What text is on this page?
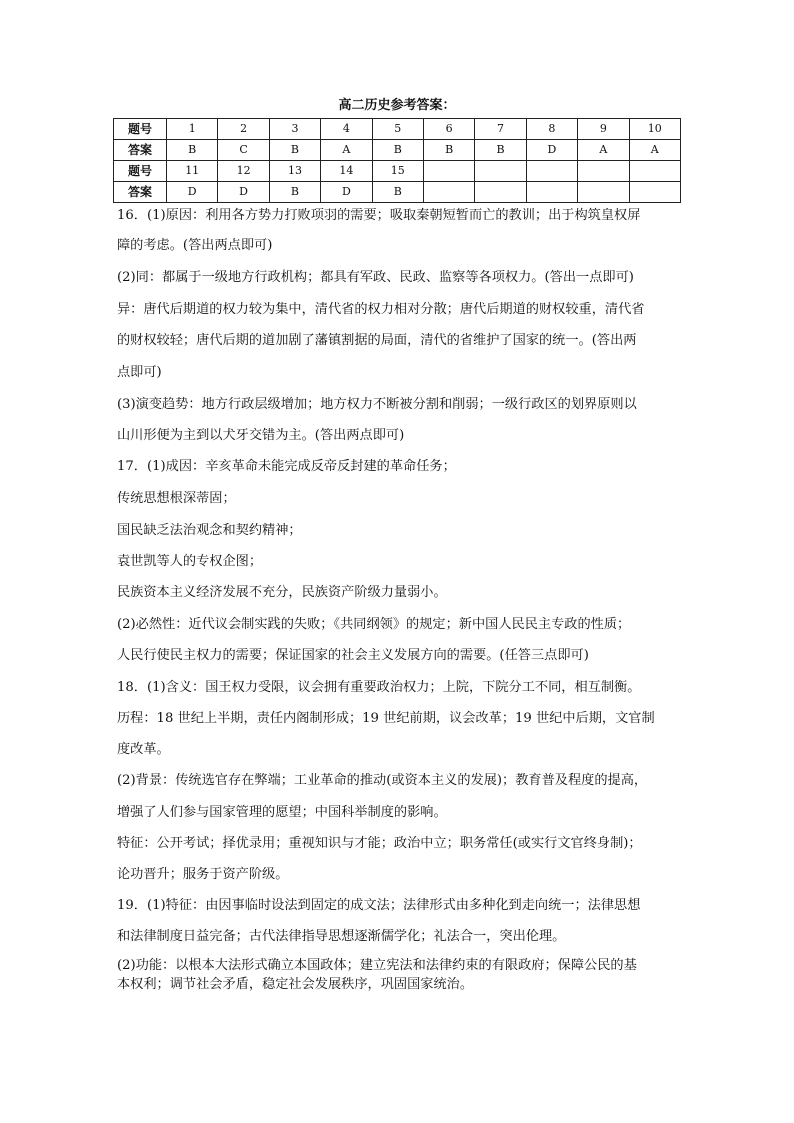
高二历史参考答案：
题号	1	2	3	4	5	6	7	8	9	10
答案	B	C	B	A	B	B	B	D	A	A
题号	11	12	13	14	15					
答案	D	D	B	D	B					
16．(1)原因：利用各方势力打败项羽的需要；吸取秦朝短暂而亡的教训；出于构筑皇权屏
障的考虑。(答出两点即可)
(2)同：都属于一级地方行政机构；都具有军政、民政、监察等各项权力。(答出一点即可)
异：唐代后期道的权力较为集中，清代省的权力相对分散；唐代后期道的财权较重，清代省
的财权较轻；唐代后期的道加剧了藩镇割据的局面，清代的省维护了国家的统一。(答出两
点即可)
(3)演变趋势：地方行政层级增加；地方权力不断被分割和削弱；一级行政区的划界原则以
山川形便为主到以犬牙交错为主。(答出两点即可)
17．(1)成因：辛亥革命未能完成反帝反封建的革命任务；
传统思想根深蒂固；
国民缺乏法治观念和契约精神；
袁世凯等人的专权企图；
民族资本主义经济发展不充分，民族资产阶级力量弱小。
(2)必然性：近代议会制实践的失败；《共同纲领》的规定；新中国人民民主专政的性质；
人民行使民主权力的需要；保证国家的社会主义发展方向的需要。(任答三点即可)
18．(1)含义：国王权力受限，议会拥有重要政治权力；上院，下院分工不同，相互制衡。
历程：18 世纪上半期，责任内阁制形成；19 世纪前期，议会改革；19 世纪中后期，文官制
度改革。
(2)背景：传统选官存在弊端；工业革命的推动(或资本主义的发展)；教育普及程度的提高，
增强了人们参与国家管理的愿望；中国科举制度的影响。
特征：公开考试；择优录用；重视知识与才能；政治中立；职务常任(或实行文官终身制)；
论功晋升；服务于资产阶级。
19．(1)特征：由因事临时设法到固定的成文法；法律形式由多种化到走向统一；法律思想
和法律制度日益完备；古代法律指导思想逐渐儒学化；礼法合一，突出伦理。
(2)功能：以根本大法形式确立本国政体；建立宪法和法律约束的有限政府；保障公民的基
本权利；调节社会矛盾，稳定社会发展秩序，巩固国家统治。
